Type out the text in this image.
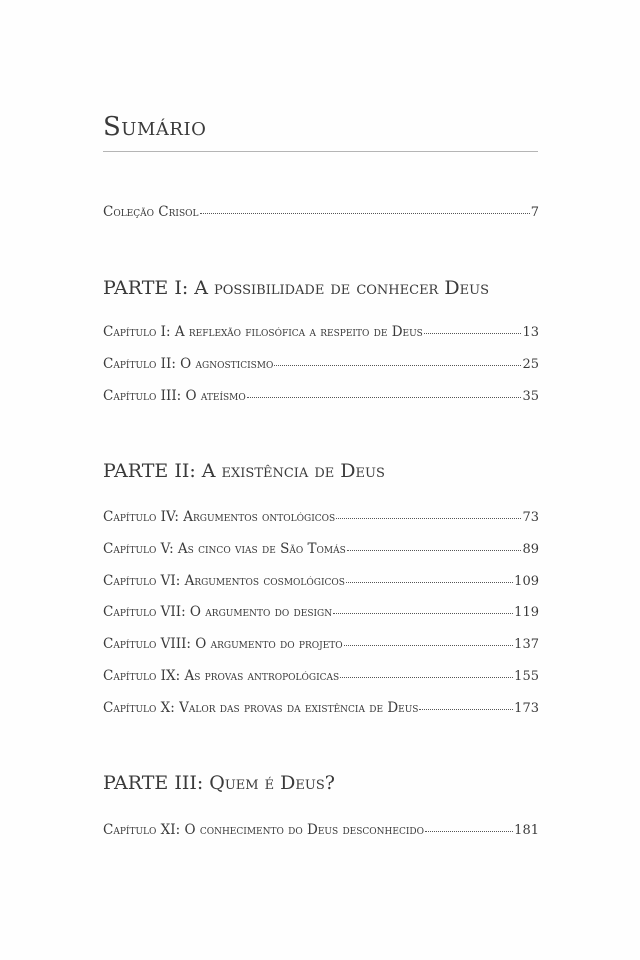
Sumário
Coleção Crisol	7
PARTE I: A possibilidade de conhecer Deus
Capítulo I: A reflexão filosófica a respeito de Deus	13
Capítulo II: O agnosticismo	25
Capítulo III: O ateísmo	35
PARTE II: A existência de Deus
Capítulo IV: Argumentos ontológicos	73
Capítulo V: As cinco vias de São Tomás	89
Capítulo VI: Argumentos cosmológicos	109
Capítulo VII: O argumento do design	119
Capítulo VIII: O argumento do projeto	137
Capítulo IX: As provas antropológicas	155
Capítulo X: Valor das provas da existência de Deus	173
PARTE III: Quem é Deus?
Capítulo XI: O conhecimento do Deus desconhecido	181
